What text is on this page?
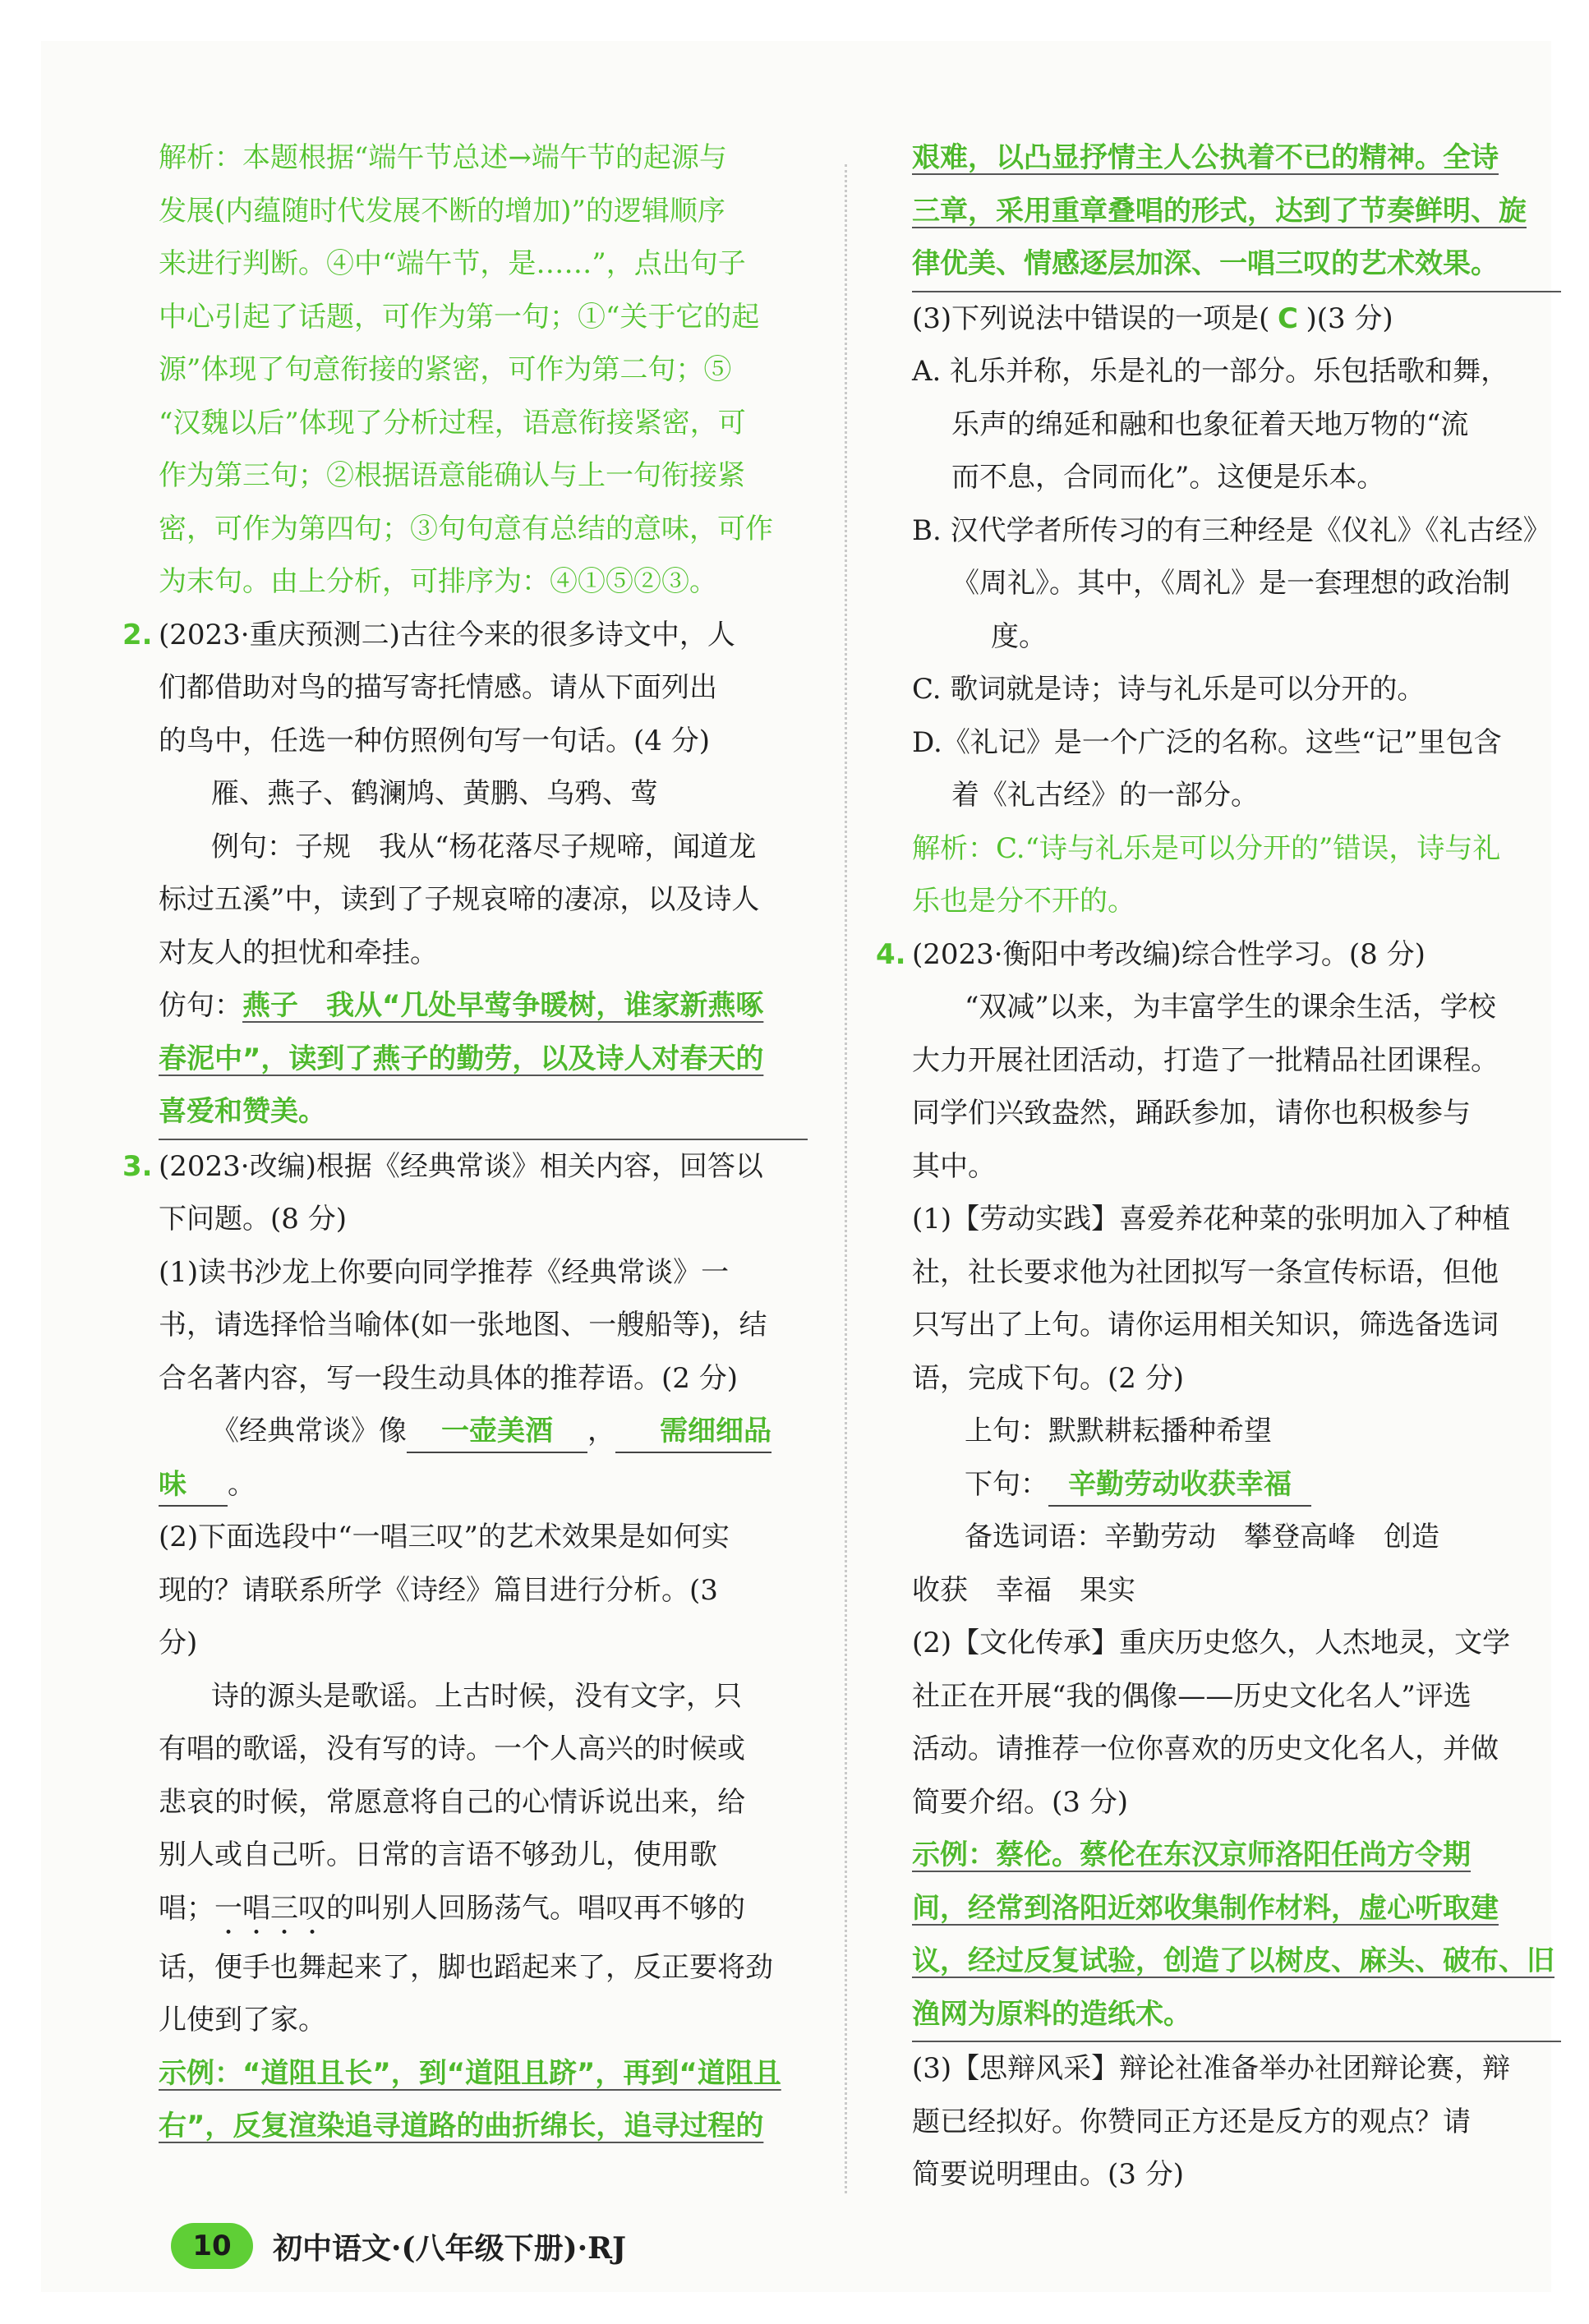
解析：本题根据“端午节总述→端午节的起源与

发展(内蕴随时代发展不断的增加)”的逻辑顺序

来进行判断。④中“端午节，是……”，点出句子

中心引起了话题，可作为第一句；①“关于它的起

源”体现了句意衔接的紧密，可作为第二句；⑤

“汉魏以后”体现了分析过程，语意衔接紧密，可

作为第三句；②根据语意能确认与上一句衔接紧

密，可作为第四句；③句句意有总结的意味，可作

为末句。由上分析，可排序为：④①⑤②③。

2. (2023·重庆预测二)古往今来的很多诗文中，人

们都借助对鸟的描写寄托情感。请从下面列出

的鸟中，任选一种仿照例句写一句话。(4 分)

雁、燕子、鹤澜鸠、黄鹏、乌鸦、莺

例句：子规　我从“杨花落尽子规啼，闻道龙

标过五溪”中，读到了子规哀啼的凄凉，以及诗人

对友人的担忧和牵挂。

仿句：燕子　我从“几处早莺争暖树，谁家新燕啄

春泥中”，读到了燕子的勤劳，以及诗人对春天的

喜爱和赞美。

3. (2023·改编)根据《经典常谈》相关内容，回答以

下问题。(8 分)

(1)读书沙龙上你要向同学推荐《经典常谈》一

书，请选择恰当喻体(如一张地图、一艘船等)，结

合名著内容，写一段生动具体的推荐语。(2 分)

《经典常谈》像 一壶美酒 ， 需细细品

味 。

(2)下面选段中“一唱三叹”的艺术效果是如何实

现的？请联系所学《诗经》篇目进行分析。(3

分)

诗的源头是歌谣。上古时候，没有文字，只

有唱的歌谣，没有写的诗。一个人高兴的时候或

悲哀的时候，常愿意将自己的心情诉说出来，给

别人或自己听。日常的言语不够劲儿，使用歌

唱；一唱三叹的叫别人回肠荡气。唱叹再不够的

话，便手也舞起来了，脚也蹈起来了，反正要将劲

儿使到了家。

示例：“道阻且长”，到“道阻且跻”，再到“道阻且

右”，反复渲染追寻道路的曲折绵长，追寻过程的

艰难，以凸显抒情主人公执着不已的精神。全诗

三章，采用重章叠唱的形式，达到了节奏鲜明、旋

律优美、情感逐层加深、一唱三叹的艺术效果。

(3)下列说法中错误的一项是( C )(3 分)

A. 礼乐并称，乐是礼的一部分。乐包括歌和舞，

乐声的绵延和融和也象征着天地万物的“流

而不息，合同而化”。这便是乐本。

B. 汉代学者所传习的有三种经是《仪礼》《礼古经》

《周礼》。其中，《周礼》是一套理想的政治制度。

C. 歌词就是诗；诗与礼乐是可以分开的。

D.《礼记》是一个广泛的名称。这些“记”里包含

着《礼古经》的一部分。

解析：C.“诗与礼乐是可以分开的”错误，诗与礼

乐也是分不开的。

4. (2023·衡阳中考改编)综合性学习。(8 分)

“双减”以来，为丰富学生的课余生活，学校

大力开展社团活动，打造了一批精品社团课程。

同学们兴致盎然，踊跃参加，请你也积极参与

其中。

(1)【劳动实践】喜爱养花种菜的张明加入了种植

社，社长要求他为社团拟写一条宣传标语，但他

只写出了上句。请你运用相关知识，筛选备选词

语，完成下句。(2 分)

上句：默默耕耘播种希望

下句： 辛勤劳动收获幸福

备选词语：辛勤劳动　攀登高峰　创造

收获　幸福　果实

(2)【文化传承】重庆历史悠久，人杰地灵，文学

社正在开展“我的偶像——历史文化名人”评选

活动。请推荐一位你喜欢的历史文化名人，并做

简要介绍。(3 分)

示例：蔡伦。蔡伦在东汉京师洛阳任尚方令期

间，经常到洛阳近郊收集制作材料，虚心听取建

议，经过反复试验，创造了以树皮、麻头、破布、旧

渔网为原料的造纸术。

(3)【思辩风采】辩论社准备举办社团辩论赛，辩

题已经拟好。你赞同正方还是反方的观点？请

简要说明理由。(3 分)

10	初中语文·(八年级下册)·RJ
